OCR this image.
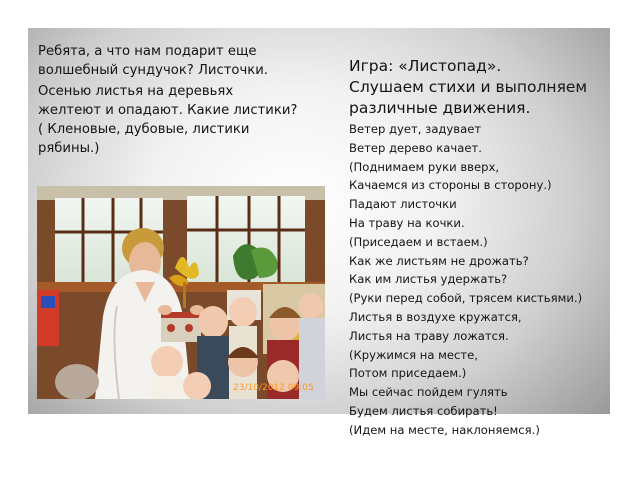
Ребята, а что нам подарит еще волшебный сундучок? Листочки.

Осенью листья на деревьях желтеют и опадают. Какие листики?( Кленовые, дубовые, листики рябины.)

23/10/2012 09:05
Игра: «Листопад».
Слушаем стихи и выполняем
различные движения.
Ветер дует, задувает
Ветер дерево качает.
(Поднимаем руки вверх,
Качаемся из стороны в сторону.)
Падают листочки
На траву на кочки.
(Приседаем и встаем.)
Как же листьям не дрожать?
Как им листья удержать?
(Руки перед собой, трясем кистьями.)
Листья в воздухе кружатся,
Листья на траву ложатся.
(Кружимся на месте,
Потом приседаем.)
Мы сейчас пойдем гулять
Будем листья собирать!
(Идем на месте, наклоняемся.)
